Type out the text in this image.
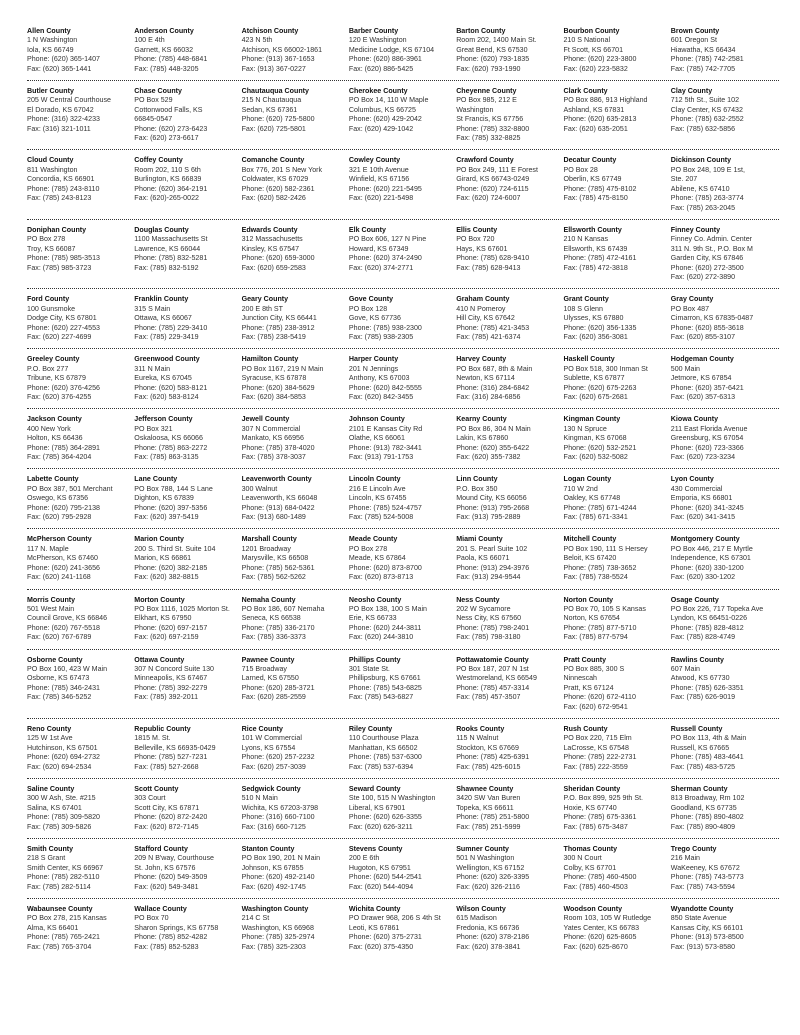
Allen County
1 N Washington
Iola, KS 66749
Phone: (620) 365-1407
Fax: (620) 365-1441
Anderson County
100 E 4th
Garnett, KS 66032
Phone: (785) 448-6841
Fax: (785) 448-3205
Atchison County
423 N 5th
Atchison, KS 66002-1861
Phone: (913) 367-1653
Fax: (913) 367-0227
Barber County
120 E Washington
Medicine Lodge, KS 67104
Phone: (620) 886-3961
Fax: (620) 886-5425
Barton County
Room 202, 1400 Main St.
Great Bend, KS 67530
Phone: (620) 793-1835
Fax: (620) 793-1990
Bourbon County
210 S National
Ft Scott, KS 66701
Phone: (620) 223-3800
Fax: (620) 223-5832
Brown County
601 Oregon St
Hiawatha, KS 66434
Phone: (785) 742-2581
Fax: (785) 742-7705
Butler County
205 W Central Courthouse
El Dorado, KS 67042
Phone: (316) 322-4233
Fax: (316) 321-1011
Chase County
PO Box 529
Cottonwood Falls, KS
66845-0547
Phone: (620) 273-6423
Fax: (620) 273-6617
Chautauqua County
215 N Chautauqua
Sedan, KS 67361
Phone: (620) 725-5800
Fax: (620) 725-5801
Cherokee County
PO Box 14, 110 W Maple
Columbus, KS 66725
Phone: (620) 429-2042
Fax: (620) 429-1042
Cheyenne County
PO Box 985, 212 E
Washington
St Francis, KS 67756
Phone: (785) 332-8800
Fax: (785) 332-8825
Clark County
PO Box 886, 913 Highland
Ashland, KS 67831
Phone: (620) 635-2813
Fax: (620) 635-2051
Clay County
712 5th St., Suite 102
Clay Center, KS 67432
Phone: (785) 632-2552
Fax: (785) 632-5856
Cloud County
811 Washington
Concordia, KS 66901
Phone: (785) 243-8110
Fax: (785) 243-8123
Coffey County
Room 202, 110 S 6th
Burlington, KS 66839
Phone: (620) 364-2191
Fax: (620)-265-0022
Comanche County
Box 776, 201 S New York
Coldwater, KS 67029
Phone: (620) 582-2361
Fax: (620) 582-2426
Cowley County
321 E 10th Avenue
Winfield, KS 67156
Phone: (620) 221-5495
Fax: (620) 221-5498
Crawford County
PO Box 249, 111 E Forest
Girard, KS 66743-0249
Phone: (620) 724-6115
Fax: (620) 724-6007
Decatur County
PO Box 28
Oberlin, KS 67749
Phone: (785) 475-8102
Fax: (785) 475-8150
Dickinson County
PO Box 248, 109 E 1st,
Ste. 207
Abilene, KS 67410
Phone: (785) 263-3774
Fax: (785) 263-2045
Doniphan County
PO Box 278
Troy, KS 66087
Phone: (785) 985-3513
Fax: (785) 985-3723
Douglas County
1100 Massachusetts St
Lawrence, KS 66044
Phone: (785) 832-5281
Fax: (785) 832-5192
Edwards County
312 Massachusetts
Kinsley, KS 67547
Phone: (620) 659-3000
Fax: (620) 659-2583
Elk County
PO Box 606, 127 N Pine
Howard, KS 67349
Phone: (620) 374-2490
Fax: (620) 374-2771
Ellis County
PO Box 720
Hays, KS 67601
Phone: (785) 628-9410
Fax: (785) 628-9413
Ellsworth County
210 N Kansas
Ellsworth, KS 67439
Phone: (785) 472-4161
Fax: (785) 472-3818
Finney County
Finney Co. Admin. Center
311 N. 9th St., P.O. Box M
Garden City, KS 67846
Phone: (620) 272-3500
Fax: (620) 272-3890
Ford County
100 Gunsmoke
Dodge City, KS 67801
Phone: (620) 227-4553
Fax: (620) 227-4699
Franklin County
315 S Main
Ottawa, KS 66067
Phone: (785) 229-3410
Fax: (785) 229-3419
Geary County
200 E 8th ST
Junction City, KS 66441
Phone: (785) 238-3912
Fax: (785) 238-5419
Gove County
PO Box 128
Gove, KS 67736
Phone: (785) 938-2300
Fax: (785) 938-2305
Graham County
410 N Pomeroy
Hill City, KS 67642
Phone: (785) 421-3453
Fax: (785) 421-6374
Grant County
108 S Glenn
Ulysses, KS 67880
Phone: (620) 356-1335
Fax: (620) 356-3081
Gray County
PO Box 487
Cimarron, KS 67835-0487
Phone: (620) 855-3618
Fax: (620) 855-3107
Greeley County
P.O. Box 277
Tribune, KS 67879
Phone: (620) 376-4256
Fax: (620) 376-4255
Greenwood County
311 N Main
Eureka, KS 67045
Phone: (620) 583-8121
Fax: (620) 583-8124
Hamilton County
PO Box 1167, 219 N Main
Syracuse, KS 67878
Phone: (620) 384-5629
Fax: (620) 384-5853
Harper County
201 N Jennings
Anthony, KS 67003
Phone: (620) 842-5555
Fax: (620) 842-3455
Harvey County
PO Box 687, 8th & Main
Newton, KS 67114
Phone: (316) 284-6842
Fax: (316) 284-6856
Haskell County
PO Box 518, 300 Inman St
Sublette, KS 67877
Phone: (620) 675-2263
Fax: (620) 675-2681
Hodgeman County
500 Main
Jetmore, KS 67854
Phone: (620) 357-6421
Fax: (620) 357-6313
Jackson County
400 New York
Holton, KS 66436
Phone: (785) 364-2891
Fax: (785) 364-4204
Jefferson County
PO Box 321
Oskaloosa, KS 66066
Phone: (785) 863-2272
Fax: (785) 863-3135
Jewell County
307 N Commercial
Mankato, KS 66956
Phone: (785) 378-4020
Fax: (785) 378-3037
Johnson County
2101 E Kansas City Rd
Olathe, KS 66061
Phone: (913) 782-3441
Fax: (913) 791-1753
Kearny County
PO Box 86, 304 N Main
Lakin, KS 67860
Phone: (620) 355-6422
Fax: (620) 355-7382
Kingman County
130 N Spruce
Kingman, KS 67068
Phone: (620) 532-2521
Fax: (620) 532-5082
Kiowa County
211 East Florida Avenue
Greensburg, KS 67054
Phone: (620) 723-3366
Fax: (620) 723-3234
Labette County
PO Box 387, 501 Merchant
Oswego, KS 67356
Phone: (620) 795-2138
Fax: (620) 795-2928
Lane County
PO Box 788, 144 S Lane
Dighton, KS 67839
Phone: (620) 397-5356
Fax: (620) 397-5419
Leavenworth County
300 Walnut
Leavenworth, KS 66048
Phone: (913) 684-0422
Fax: (913) 680-1489
Lincoln County
216 E Lincoln Ave
Lincoln, KS 67455
Phone: (785) 524-4757
Fax: (785) 524-5008
Linn County
P.O. Box 350
Mound City, KS 66056
Phone: (913) 795-2668
Fax: (913) 795-2889
Logan County
710 W 2nd
Oakley, KS 67748
Phone: (785) 671-4244
Fax: (785) 671-3341
Lyon County
430 Commercial
Emporia, KS 66801
Phone: (620) 341-3245
Fax: (620) 341-3415
McPherson County
117 N. Maple
McPherson, KS 67460
Phone: (620) 241-3656
Fax: (620) 241-1168
Marion County
200 S. Third St. Suite 104
Marion, KS 66861
Phone: (620) 382-2185
Fax: (620) 382-8815
Marshall County
1201 Broadway
Marysville, KS 66508
Phone: (785) 562-5361
Fax: (785) 562-5262
Meade County
PO Box 278
Meade, KS 67864
Phone: (620) 873-8700
Fax: (620) 873-8713
Miami County
201 S. Pearl Suite 102
Paola, KS 66071
Phone: (913) 294-3976
Fax: (913) 294-9544
Mitchell County
PO Box 190, 111 S Hersey
Beloit, KS 67420
Phone: (785) 738-3652
Fax: (785) 738-5524
Montgomery County
PO Box 446, 217 E Myrtle
Independence, KS 67301
Phone: (620) 330-1200
Fax: (620) 330-1202
Morris County
501 West Main
Council Grove, KS 66846
Phone: (620) 767-5518
Fax: (620) 767-6789
Morton County
PO Box 1116, 1025 Morton St.
Elkhart, KS 67950
Phone: (620) 697-2157
Fax: (620) 697-2159
Nemaha County
PO Box 186, 607 Nemaha
Seneca, KS 66538
Phone: (785) 336-2170
Fax: (785) 336-3373
Neosho County
PO Box 138, 100 S Main
Erie, KS 66733
Phone: (620) 244-3811
Fax: (620) 244-3810
Ness County
202 W Sycamore
Ness City, KS 67560
Phone: (785) 798-2401
Fax: (785) 798-3180
Norton County
PO Box 70, 105 S Kansas
Norton, KS 67654
Phone: (785) 877-5710
Fax: (785) 877-5794
Osage County
PO Box 226, 717 Topeka Ave
Lyndon, KS 66451-0226
Phone: (785) 828-4812
Fax: (785) 828-4749
Osborne County
PO Box 160, 423 W Main
Osborne, KS 67473
Phone: (785) 346-2431
Fax: (785) 346-5252
Ottawa County
307 N Concord Suite 130
Minneapolis, KS 67467
Phone: (785) 392-2279
Fax: (785) 392-2011
Pawnee County
715 Broadway
Larned, KS 67550
Phone: (620) 285-3721
Fax: (620) 285-2559
Phillips County
301 State St.
Phillipsburg, KS 67661
Phone: (785) 543-6825
Fax: (785) 543-6827
Pottawatomie County
PO Box 187, 207 N 1st
Westmoreland, KS 66549
Phone: (785) 457-3314
Fax: (785) 457-3507
Pratt County
PO Box 885, 300 S
Ninnescah
Pratt, KS 67124
Phone: (620) 672-4110
Fax: (620) 672-9541
Rawlins County
607 Main
Atwood, KS 67730
Phone: (785) 626-3351
Fax: (785) 626-9019
Reno County
125 W 1st Ave
Hutchinson, KS 67501
Phone: (620) 694-2732
Fax: (620) 694-2534
Republic County
1815 M. St.
Belleville, KS 66935-0429
Phone: (785) 527-7231
Fax: (785) 527-2668
Rice County
101 W Commercial
Lyons, KS 67554
Phone: (620) 257-2232
Fax: (620) 257-3039
Riley County
110 Courthouse Plaza
Manhattan, KS 66502
Phone: (785) 537-6300
Fax: (785) 537-6394
Rooks County
115 N Walnut
Stockton, KS 67669
Phone: (785) 425-6391
Fax: (785) 425-6015
Rush County
PO Box 220, 715 Elm
LaCrosse, KS 67548
Phone: (785) 222-2731
Fax: (785) 222-3559
Russell County
PO Box 113, 4th & Main
Russell, KS 67665
Phone: (785) 483-4641
Fax: (785) 483-5725
Saline County
300 W Ash, Ste. #215
Salina, KS 67401
Phone: (785) 309-5820
Fax: (785) 309-5826
Scott County
303 Court
Scott City, KS 67871
Phone: (620) 872-2420
Fax: (620) 872-7145
Sedgwick County
510 N Main
Wichita, KS 67203-3798
Phone: (316) 660-7100
Fax: (316) 660-7125
Seward County
Ste 100, 515 N Washington
Liberal, KS 67901
Phone: (620) 626-3355
Fax: (620) 626-3211
Shawnee County
3420 SW Van Buren
Topeka, KS 66611
Phone: (785) 251-5800
Fax: (785) 251-5999
Sheridan County
P.O. Box 899, 925 9th St.
Hoxie, KS 67740
Phone: (785) 675-3361
Fax: (785) 675-3487
Sherman County
813 Broadway, Rm 102
Goodland, KS 67735
Phone: (785) 890-4802
Fax: (785) 890-4809
Smith County
218 S Grant
Smith Center, KS 66967
Phone: (785) 282-5110
Fax: (785) 282-5114
Stafford County
209 N B'way, Courthouse
St. John, KS 67576
Phone: (620) 549-3509
Fax: (620) 549-3481
Stanton County
PO Box 190, 201 N Main
Johnson, KS 67855
Phone: (620) 492-2140
Fax: (620) 492-1745
Stevens County
200 E 6th
Hugoton, KS 67951
Phone: (620) 544-2541
Fax: (620) 544-4094
Sumner County
501 N Washington
Wellington, KS 67152
Phone: (620) 326-3395
Fax: (620) 326-2116
Thomas County
300 N Court
Colby, KS 67701
Phone: (785) 460-4500
Fax: (785) 460-4503
Trego County
216 Main
WaKeeney, KS 67672
Phone: (785) 743-5773
Fax: (785) 743-5594
Wabaunsee County
PO Box 278, 215 Kansas
Alma, KS 66401
Phone: (785) 765-2421
Fax: (785) 765-3704
Wallace County
PO Box 70
Sharon Springs, KS 67758
Phone: (785) 852-4282
Fax: (785) 852-5283
Washington County
214 C St
Washington, KS 66968
Phone: (785) 325-2974
Fax: (785) 325-2303
Wichita County
PO Drawer 968, 206 S 4th St
Leoti, KS 67861
Phone: (620) 375-2731
Fax: (620) 375-4350
Wilson County
615 Madison
Fredonia, KS 66736
Phone: (620) 378-2186
Fax: (620) 378-3841
Woodson County
Room 103, 105 W Rutledge
Yates Center, KS 66783
Phone: (620) 625-8605
Fax: (620) 625-8670
Wyandotte County
850 State Avenue
Kansas City, KS 66101
Phone: (913) 573-8500
Fax: (913) 573-8580
